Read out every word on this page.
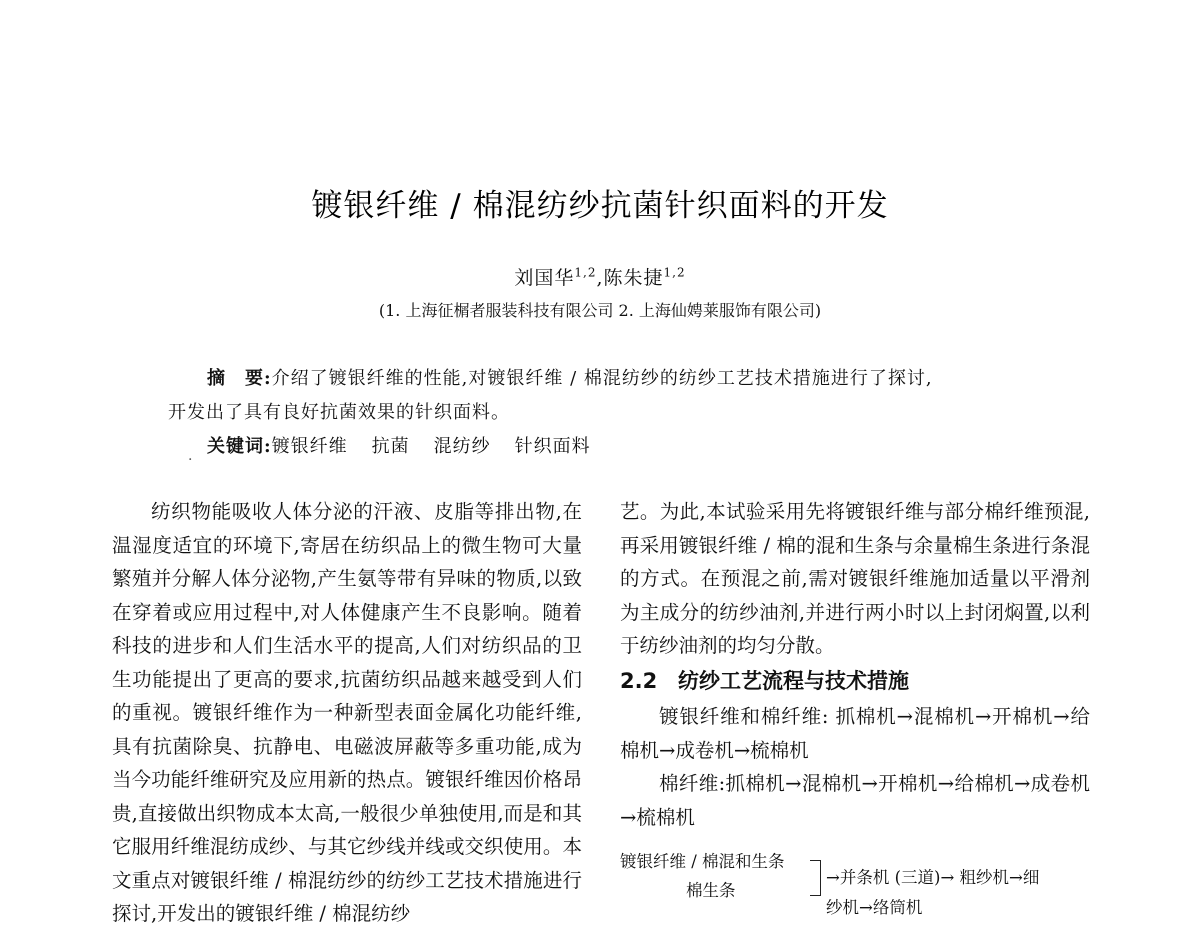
镀银纤维 / 棉混纺纱抗菌针织面料的开发
刘国华$^{1,2}$,陈朱捷$^{1,2}$
(1. 上海征榍者服装科技有限公司 2. 上海仙娉莱服饰有限公司)
摘　要:介绍了镀银纤维的性能,对镀银纤维 / 棉混纺纱的纺纱工艺技术措施进行了探讨,
开发出了具有良好抗菌效果的针织面料。
. 关键词:镀银纤维 抗菌 混纺纱 针织面料

纺织物能吸收人体分泌的汗液、皮脂等排出物,在温湿度适宜的环境下,寄居在纺织品上的微生物可大量繁殖并分解人体分泌物,产生氨等带有异味的物质,以致在穿着或应用过程中,对人体健康产生不良影响。随着科技的进步和人们生活水平的提高,人们对纺织品的卫生功能提出了更高的要求,抗菌纺织品越来越受到人们的重视。镀银纤维作为一种新型表面金属化功能纤维,具有抗菌除臭、抗静电、电磁波屏蔽等多重功能,成为当今功能纤维研究及应用新的热点。镀银纤维因价格昂贵,直接做出织物成本太高,一般很少单独使用,而是和其它服用纤维混纺成纱、与其它纱线并线或交织使用。本文重点对镀银纤维 / 棉混纺纱的纺纱工艺技术措施进行探讨,开发出的镀银纤维 / 棉混纺纱

艺。为此,本试验采用先将镀银纤维与部分棉纤维预混, 再采用镀银纤维 / 棉的混和生条与余量棉生条进行条混的方式。在预混之前,需对镀银纤维施加适量以平滑剂为主成分的纺纱油剂,并进行两小时以上封闭焖置,以利于纺纱油剂的均匀分散。

2.2 纺纱工艺流程与技术措施

镀银纤维和棉纤维: 抓棉机→混棉机→开棉机→给棉机→成卷机→梳棉机

棉纤维:抓棉机→混棉机→开棉机→给棉机→成卷机→梳棉机

镀银纤维 / 棉混和生条
棉生条
→并条机 (三道)→ 粗纱机→细
纱机→络筒机
